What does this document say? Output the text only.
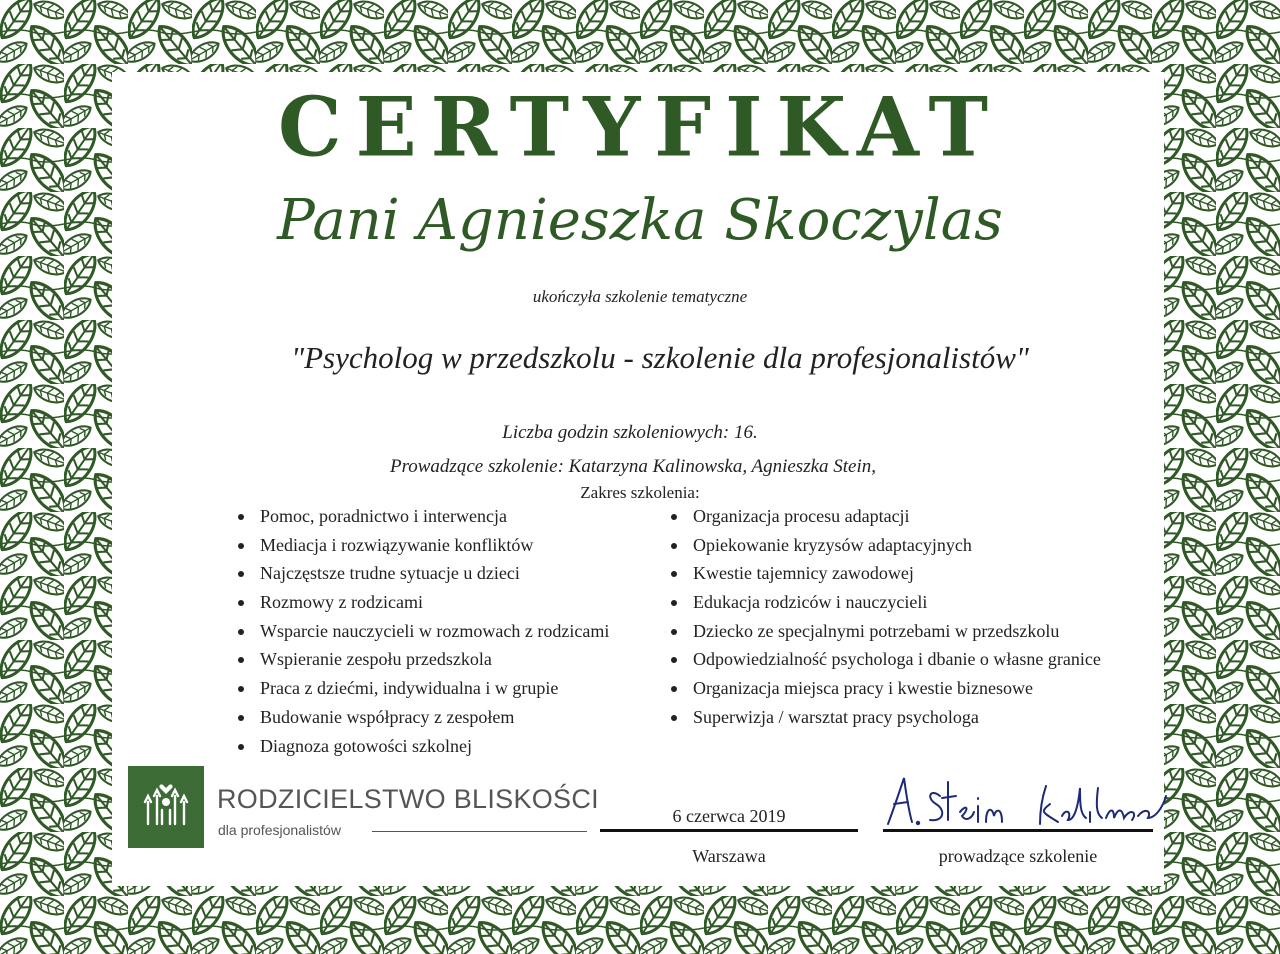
CERTYFIKAT
Pani Agnieszka Skoczylas
ukończyła szkolenie tematyczne
"Psycholog w przedszkolu - szkolenie dla profesjonalistów"
Liczba godzin szkoleniowych: 16.
Prowadzące szkolenie: Katarzyna Kalinowska, Agnieszka Stein,
Zakres szkolenia:
Pomoc, poradnictwo i interwencja
Mediacja i rozwiązywanie konfliktów
Najczęstsze trudne sytuacje u dzieci
Rozmowy z rodzicami
Wsparcie nauczycieli w rozmowach z rodzicami
Wspieranie zespołu przedszkola
Praca z dziećmi, indywidualna i w grupie
Budowanie współpracy z zespołem
Diagnoza gotowości szkolnej
Organizacja procesu adaptacji
Opiekowanie kryzysów adaptacyjnych
Kwestie tajemnicy zawodowej
Edukacja rodziców i nauczycieli
Dziecko ze specjalnymi potrzebami w przedszkolu
Odpowiedzialność psychologa i dbanie o własne granice
Organizacja miejsca pracy i kwestie biznesowe
Superwizja / warsztat pracy psychologa
RODZICIELSTWO BLISKOŚCI
dla profesjonalistów
6 czerwca 2019
Warszawa	prowadzące szkolenie
